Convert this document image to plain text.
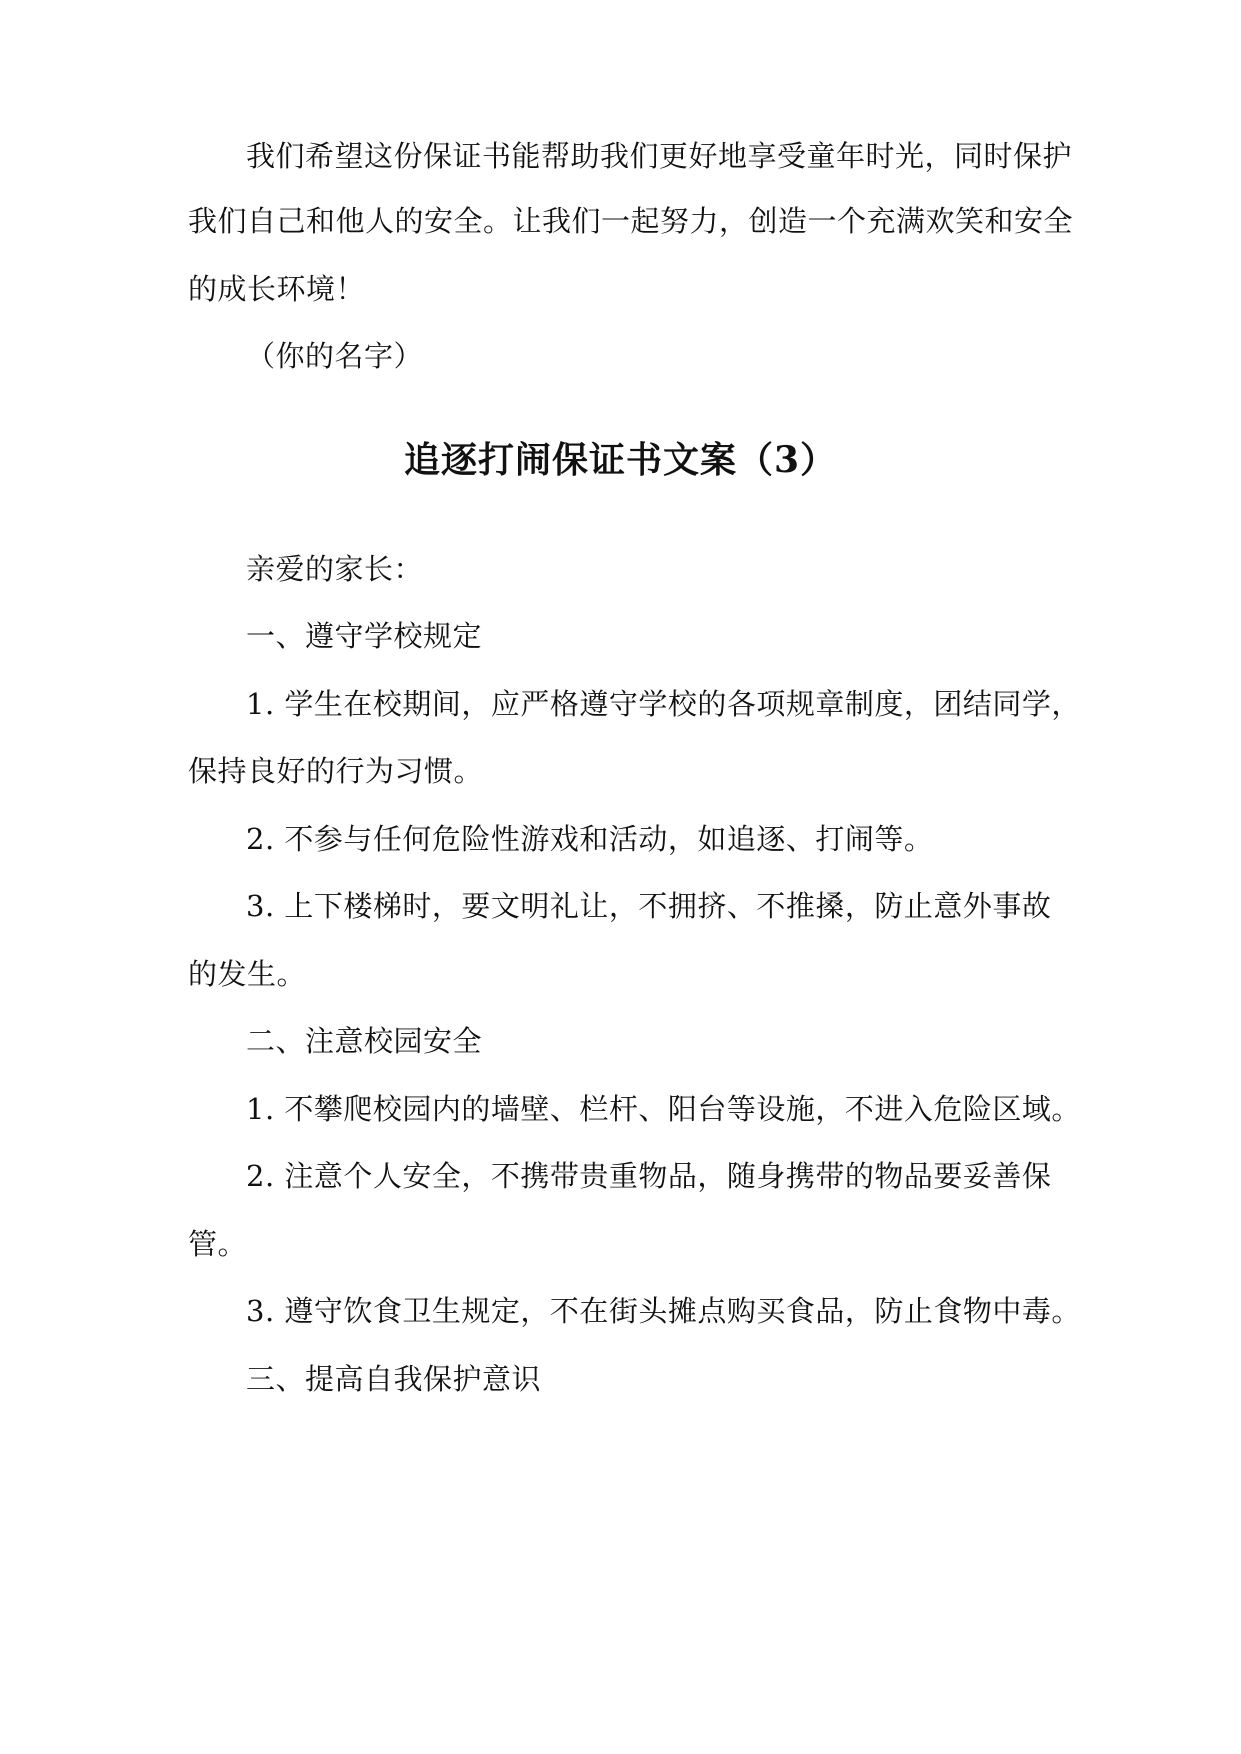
我们希望这份保证书能帮助我们更好地享受童年时光，同时保护
我们自己和他人的安全。让我们一起努力，创造一个充满欢笑和安全
的成长环境！
（你的名字）
追逐打闹保证书文案（3）
亲爱的家长：
一、遵守学校规定
1. 学生在校期间，应严格遵守学校的各项规章制度，团结同学，
保持良好的行为习惯。
2. 不参与任何危险性游戏和活动，如追逐、打闹等。
3. 上下楼梯时，要文明礼让，不拥挤、不推搡，防止意外事故
的发生。
二、注意校园安全
1. 不攀爬校园内的墙壁、栏杆、阳台等设施，不进入危险区域。
2. 注意个人安全，不携带贵重物品，随身携带的物品要妥善保
管。
3. 遵守饮食卫生规定，不在街头摊点购买食品，防止食物中毒。
三、提高自我保护意识
